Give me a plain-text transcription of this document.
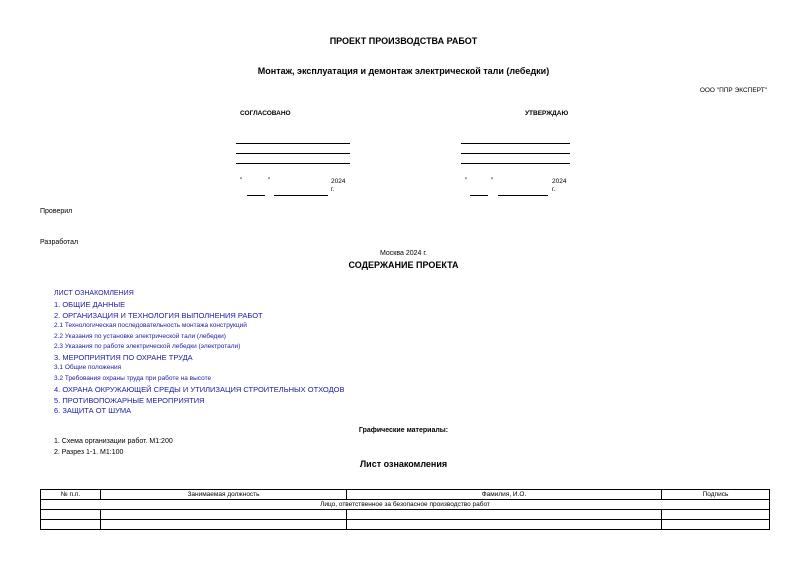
ПРОЕКТ ПРОИЗВОДСТВА РАБОТ
Монтаж, эксплуатация и демонтаж электрической тали (лебедки)
ООО "ППР ЭКСПЕРТ"
СОГЛАСОВАНО
"	"	2024
г.
УТВЕРЖДАЮ
"	"	2024
г.
Проверил
Разработал
Москва 2024 г.
СОДЕРЖАНИЕ ПРОЕКТА
ЛИСТ ОЗНАКОМЛЕНИЯ
1. ОБЩИЕ ДАННЫЕ
2. ОРГАНИЗАЦИЯ И ТЕХНОЛОГИЯ ВЫПОЛНЕНИЯ РАБОТ
2.1 Технологическая последовательность монтажа конструкций
2.2 Указания по установке электрической тали (лебедки)
2.3 Указания по работе электрической лебедки (электротали)
3. МЕРОПРИЯТИЯ ПО ОХРАНЕ ТРУДА
3.1 Общие положения
3.2 Требования охраны труда при работе на высоте
4. ОХРАНА ОКРУЖАЮЩЕЙ СРЕДЫ И УТИЛИЗАЦИЯ СТРОИТЕЛЬНЫХ ОТХОДОВ
5. ПРОТИВОПОЖАРНЫЕ МЕРОПРИЯТИЯ
6. ЗАЩИТА ОТ ШУМА
Графические материалы:
1. Схема организации работ. М1:200
2. Разрез 1-1. М1:100
Лист ознакомления
№ п.п.	Занимаемая должность	Фамилия, И.О.	Подпись
Лицо, ответственное за безопасное производство работ			
